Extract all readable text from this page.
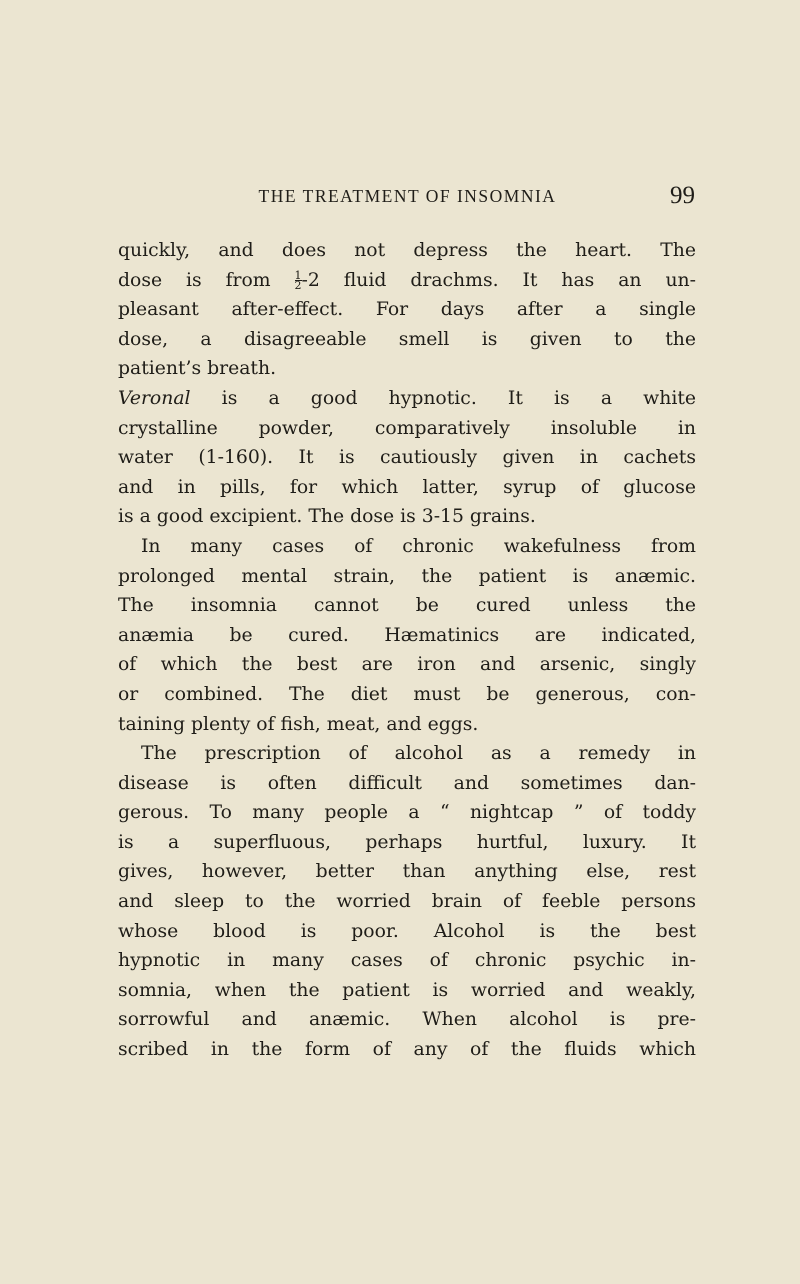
THE TREATMENT OF INSOMNIA	99
quickly, and does not depress the heart. The
dose is from $\frac{1}{2} -2$ fluid drachms. It has an un-
pleasant after-effect. For days after a single
dose, a disagreeable smell is given to the
patient’s breath.
Veronal is a good hypnotic. It is a white
crystalline powder, comparatively insoluble in
water (1-160). It is cautiously given in cachets
and in pills, for which latter, syrup of glucose
is a good excipient. The dose is 3-15 grains.
In many cases of chronic wakefulness from
prolonged mental strain, the patient is anæmic.
The insomnia cannot be cured unless the
anæmia be cured. Hæmatinics are indicated,
of which the best are iron and arsenic, singly
or combined. The diet must be generous, con-
taining plenty of fish, meat, and eggs.
The prescription of alcohol as a remedy in
disease is often difficult and sometimes dan-
gerous. To many people a “ nightcap ” of toddy
is a superfluous, perhaps hurtful, luxury. It
gives, however, better than anything else, rest
and sleep to the worried brain of feeble persons
whose blood is poor. Alcohol is the best
hypnotic in many cases of chronic psychic in-
somnia, when the patient is worried and weakly,
sorrowful and anæmic. When alcohol is pre-
scribed in the form of any of the fluids which
